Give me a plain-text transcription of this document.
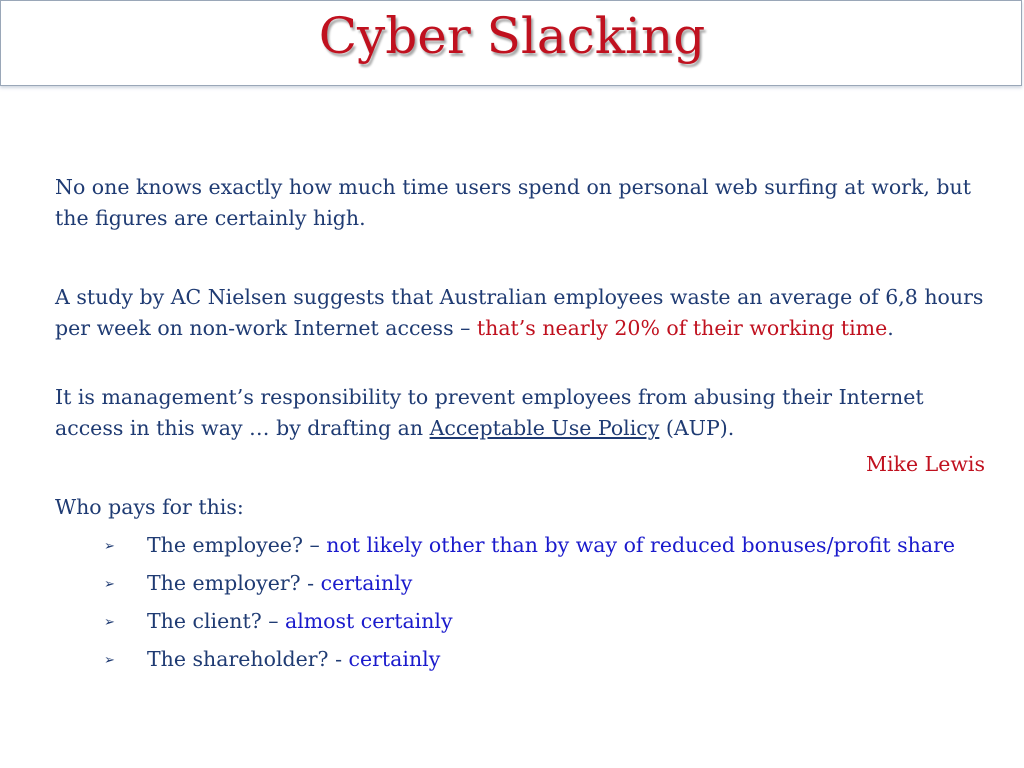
Cyber Slacking
No one knows exactly how much time users spend on personal web surfing at work, but the figures are certainly high.
A study by AC Nielsen suggests that Australian employees waste an average of 6,8 hours per week on non-work Internet access – that’s nearly 20% of their working time.
It is management’s responsibility to prevent employees from abusing their Internet access in this way … by drafting an Acceptable Use Policy (AUP).
Mike Lewis
Who pays for this:
➢ The employee? – not likely other than by way of reduced bonuses/profit share
➢ The employer? - certainly
➢ The client? – almost certainly
➢ The shareholder? - certainly
